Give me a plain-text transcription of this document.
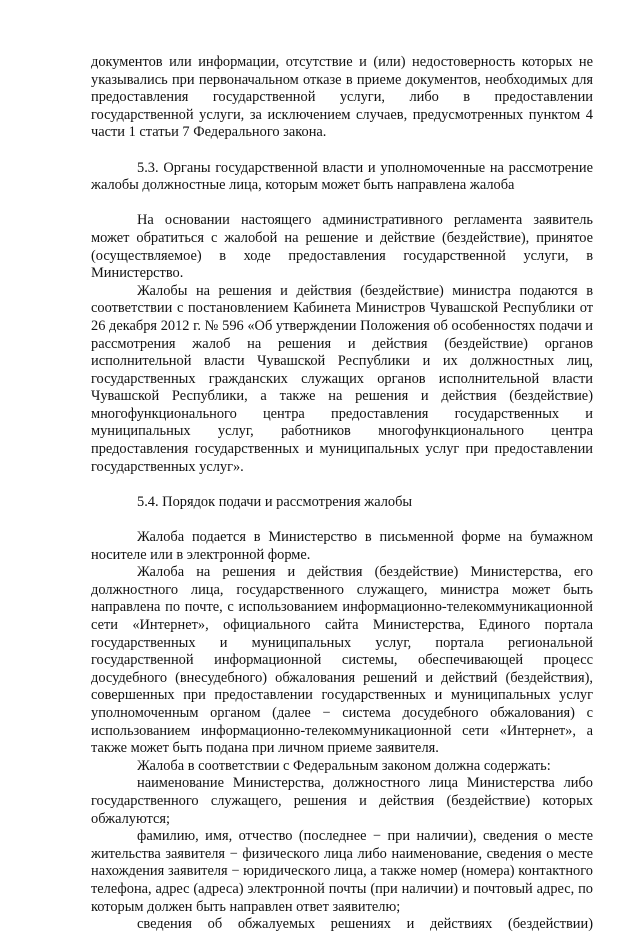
документов или информации, отсутствие и (или) недостоверность которых не указывались при первоначальном отказе в приеме документов, необходимых для предоставления государственной услуги, либо в предоставлении государственной услуги, за исключением случаев, предусмотренных пунктом 4 части 1 статьи 7 Федерального закона.

5.3. Органы государственной власти и уполномоченные на рассмотрение жалобы должностные лица, которым может быть направлена жалоба

На основании настоящего административного регламента заявитель может обратиться с жалобой на решение и действие (бездействие), принятое (осуществляемое) в ходе предоставления государственной услуги, в Министерство.

Жалобы на решения и действия (бездействие) министра подаются в соответствии с постановлением Кабинета Министров Чувашской Республики от 26 декабря 2012 г. № 596 «Об утверждении Положения об особенностях подачи и рассмотрения жалоб на решения и действия (бездействие) органов исполнительной власти Чувашской Республики и их должностных лиц, государственных гражданских служащих органов исполнительной власти Чувашской Республики, а также на решения и действия (бездействие) многофункционального центра предоставления государственных и муниципальных услуг, работников многофункционального центра предоставления государственных и муниципальных услуг при предоставлении государственных услуг».

5.4. Порядок подачи и рассмотрения жалобы

Жалоба подается в Министерство в письменной форме на бумажном носителе или в электронной форме.

Жалоба на решения и действия (бездействие) Министерства, его должностного лица, государственного служащего, министра может быть направлена по почте, с использованием информационно-телекоммуникационной сети «Интернет», официального сайта Министерства, Единого портала государственных и муниципальных услуг, портала региональной государственной информационной системы, обеспечивающей процесс досудебного (внесудебного) обжалования решений и действий (бездействия), совершенных при предоставлении государственных и муниципальных услуг уполномоченным органом (далее − система досудебного обжалования) с использованием информационно-телекоммуникационной сети «Интернет», а также может быть подана при личном приеме заявителя.

Жалоба в соответствии с Федеральным законом должна содержать:

наименование Министерства, должностного лица Министерства либо государственного служащего, решения и действия (бездействие) которых обжалуются;

фамилию, имя, отчество (последнее − при наличии), сведения о месте жительства заявителя − физического лица либо наименование, сведения о месте нахождения заявителя − юридического лица, а также номер (номера) контактного телефона, адрес (адреса) электронной почты (при наличии) и почтовый адрес, по которым должен быть направлен ответ заявителю;

сведения об обжалуемых решениях и действиях (бездействии)
